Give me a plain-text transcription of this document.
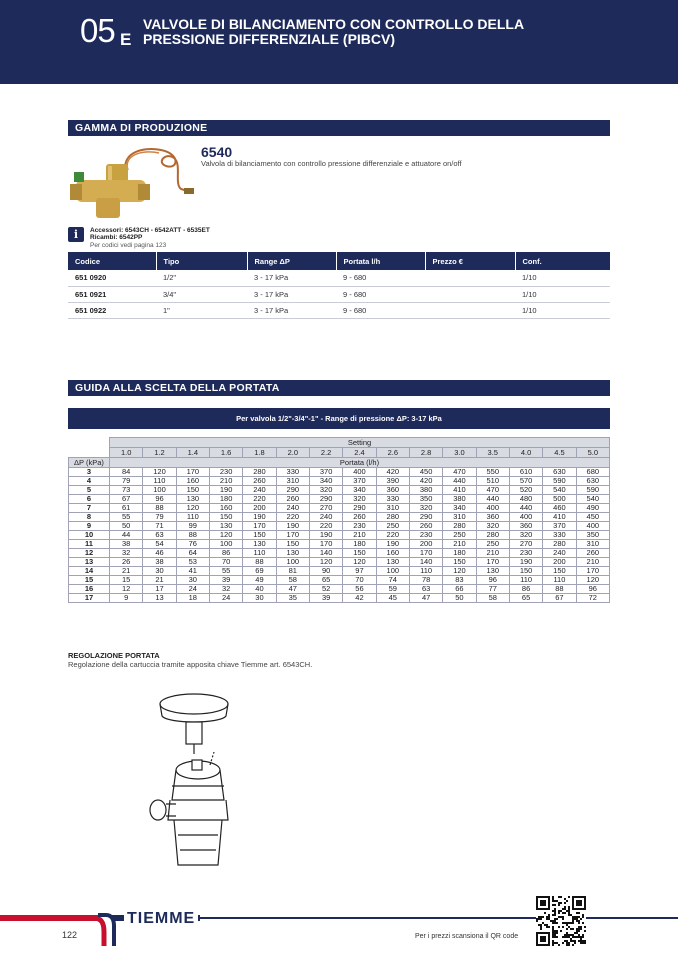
05 E
VALVOLE DI BILANCIAMENTO CON CONTROLLO DELLA PRESSIONE DIFFERENZIALE (PIBCV)
GAMMA DI PRODUZIONE
6540
Valvola di bilanciamento con controllo pressione differenziale e attuatore on/off
i	Accessori: 6543CH - 6542ATT - 6535ET
Ricambi: 6542PP
Per codici vedi pagina 123
Codice	Tipo	Range ΔP	Portata l/h	Prezzo €	Conf.
651 0920	1/2"	3 - 17 kPa	9 - 680		1/10
651 0921	3/4"	3 - 17 kPa	9 - 680		1/10
651 0922	1"	3 - 17 kPa	9 - 680		1/10
GUIDA ALLA SCELTA DELLA PORTATA
Per valvola 1/2"-3/4"-1" - Range di pressione ΔP: 3-17 kPa
	Setting														
	1.0	1.2	1.4	1.6	1.8	2.0	2.2	2.4	2.6	2.8	3.0	3.5	4.0	4.5	5.0
ΔP (kPa)	Portata (l/h)														
3	84	120	170	230	280	330	370	400	420	450	470	550	610	630	680
4	79	110	160	210	260	310	340	370	390	420	440	510	570	590	630
5	73	100	150	190	240	290	320	340	360	380	410	470	520	540	590
6	67	96	130	180	220	260	290	320	330	350	380	440	480	500	540
7	61	88	120	160	200	240	270	290	310	320	340	400	440	460	490
8	55	79	110	150	190	220	240	260	280	290	310	360	400	410	450
9	50	71	99	130	170	190	220	230	250	260	280	320	360	370	400
10	44	63	88	120	150	170	190	210	220	230	250	280	320	330	350
11	38	54	76	100	130	150	170	180	190	200	210	250	270	280	310
12	32	46	64	86	110	130	140	150	160	170	180	210	230	240	260
13	26	38	53	70	88	100	120	120	130	140	150	170	190	200	210
14	21	30	41	55	69	81	90	97	100	110	120	130	150	150	170
15	15	21	30	39	49	58	65	70	74	78	83	96	110	110	120
16	12	17	24	32	40	47	52	56	59	63	66	77	86	88	96
17	9	13	18	24	30	35	39	42	45	47	50	58	65	67	72
REGOLAZIONE PORTATA
Regolazione della cartuccia tramite apposita chiave Tiemme art. 6543CH.
TIEMME
122	Per i prezzi scansiona il QR code
